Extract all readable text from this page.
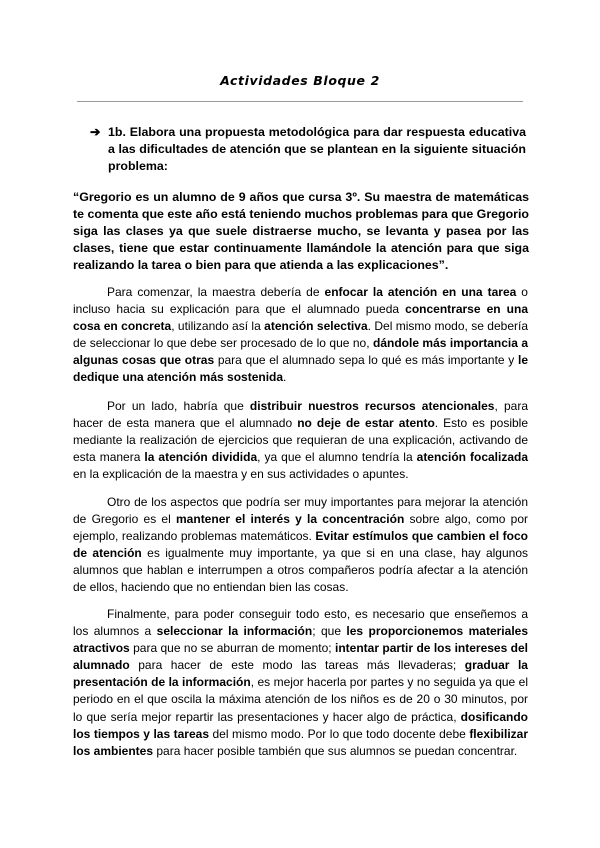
Actividades Bloque 2
➔ 1b. Elabora una propuesta metodológica para dar respuesta educativa a las dificultades de atención que se plantean en la siguiente situación problema:
“Gregorio es un alumno de 9 años que cursa 3º. Su maestra de matemáticas te comenta que este año está teniendo muchos problemas para que Gregorio siga las clases ya que suele distraerse mucho, se levanta y pasea por las clases, tiene que estar continuamente llamándole la atención para que siga realizando la tarea o bien para que atienda a las explicaciones”.
Para comenzar, la maestra debería de enfocar la atención en una tarea o incluso hacia su explicación para que el alumnado pueda concentrarse en una cosa en concreta, utilizando así la atención selectiva. Del mismo modo, se debería de seleccionar lo que debe ser procesado de lo que no, dándole más importancia a algunas cosas que otras para que el alumnado sepa lo qué es más importante y le dedique una atención más sostenida.
Por un lado, habría que distribuir nuestros recursos atencionales, para hacer de esta manera que el alumnado no deje de estar atento. Esto es posible mediante la realización de ejercicios que requieran de una explicación, activando de esta manera la atención dividida, ya que el alumno tendría la atención focalizada en la explicación de la maestra y en sus actividades o apuntes.
Otro de los aspectos que podría ser muy importantes para mejorar la atención de Gregorio es el mantener el interés y la concentración sobre algo, como por ejemplo, realizando problemas matemáticos. Evitar estímulos que cambien el foco de atención es igualmente muy importante, ya que si en una clase, hay algunos alumnos que hablan e interrumpen a otros compañeros podría afectar a la atención de ellos, haciendo que no entiendan bien las cosas.
Finalmente, para poder conseguir todo esto, es necesario que enseñemos a los alumnos a seleccionar la información; que les proporcionemos materiales atractivos para que no se aburran de momento; intentar partir de los intereses del alumnado para hacer de este modo las tareas más llevaderas; graduar la presentación de la información, es mejor hacerla por partes y no seguida ya que el periodo en el que oscila la máxima atención de los niños es de 20 o 30 minutos, por lo que sería mejor repartir las presentaciones y hacer algo de práctica, dosificando los tiempos y las tareas del mismo modo. Por lo que todo docente debe flexibilizar los ambientes para hacer posible también que sus alumnos se puedan concentrar.
